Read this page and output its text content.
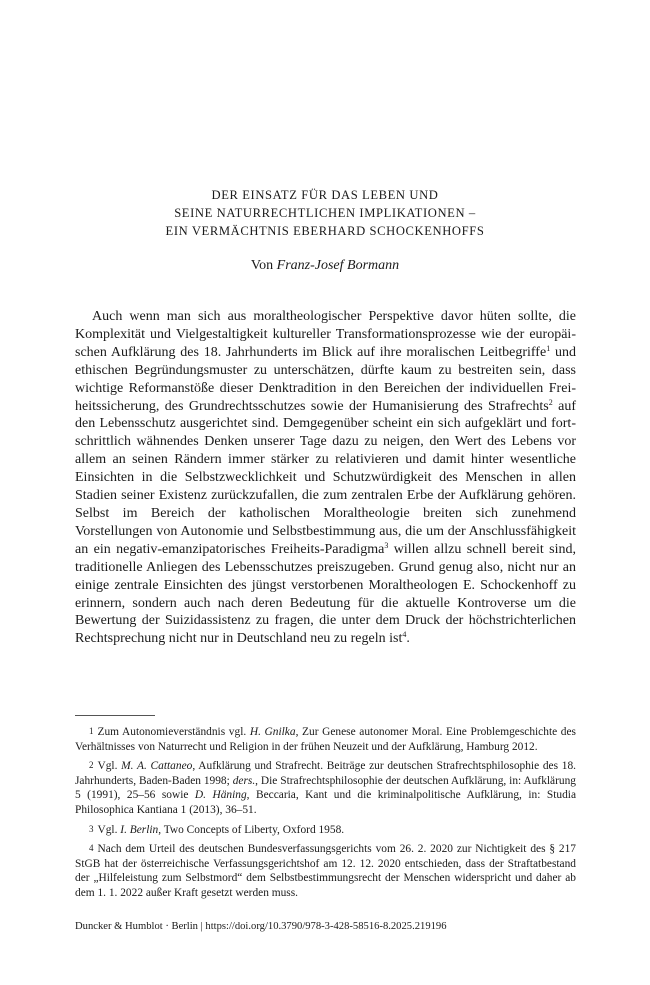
DER EINSATZ FÜR DAS LEBEN UND
SEINE NATURRECHTLICHEN IMPLIKATIONEN –
EIN VERMÄCHTNIS EBERHARD SCHOCKENHOFFS
Von Franz-Josef Bormann

Auch wenn man sich aus moraltheologischer Perspektive davor hüten sollte, die Komplexität und Vielgestaltigkeit kultureller Transformationsprozesse wie der europäischen Aufklärung des 18. Jahrhunderts im Blick auf ihre moralischen Leitbegriffe$^1$ und ethischen Begründungsmuster zu unterschätzen, dürfte kaum zu bestreiten sein, dass wichtige Reformanstöße dieser Denktradition in den Bereichen der individuellen Freiheitssicherung, des Grundrechtsschutzes sowie der Humanisierung des Strafrechts$^2$ auf den Lebensschutz ausgerichtet sind. Demgegenüber scheint ein sich aufgeklärt und fortschrittlich wähnendes Denken unserer Tage dazu zu neigen, den Wert des Lebens vor allem an seinen Rändern immer stärker zu relativieren und damit hinter wesentliche Einsichten in die Selbstzwecklichkeit und Schutzwürdigkeit des Menschen in allen Stadien seiner Existenz zurückzufallen, die zum zentralen Erbe der Aufklärung gehören. Selbst im Bereich der katholischen Moraltheologie breiten sich zunehmend Vorstellungen von Autonomie und Selbstbestimmung aus, die um der Anschlussfähigkeit an ein negativ-emanzipatorisches Freiheits-Paradigma$^3$ willen allzu schnell bereit sind, traditionelle Anliegen des Lebensschutzes preiszugeben. Grund genug also, nicht nur an einige zentrale Einsichten des jüngst verstorbenen Moraltheologen E. Schockenhoff zu erinnern, sondern auch nach deren Bedeutung für die aktuelle Kontroverse um die Bewertung der Suizidassistenz zu fragen, die unter dem Druck der höchstrichterlichen Rechtsprechung nicht nur in Deutschland neu zu regeln ist$^4$.

1 Zum Autonomieverständnis vgl. H. Gnilka, Zur Genese autonomer Moral. Eine Problemgeschichte des Verhältnisses von Naturrecht und Religion in der frühen Neuzeit und der Aufklärung, Hamburg 2012.

2 Vgl. M. A. Cattaneo, Aufklärung und Strafrecht. Beiträge zur deutschen Strafrechtsphilosophie des 18. Jahrhunderts, Baden-Baden 1998; ders., Die Strafrechtsphilosophie der deutschen Aufklärung, in: Aufklärung 5 (1991), 25–56 sowie D. Häning, Beccaria, Kant und die kriminalpolitische Aufklärung, in: Studia Philosophica Kantiana 1 (2013), 36–51.

3 Vgl. I. Berlin, Two Concepts of Liberty, Oxford 1958.

4 Nach dem Urteil des deutschen Bundesverfassungsgerichts vom 26. 2. 2020 zur Nichtigkeit des § 217 StGB hat der österreichische Verfassungsgerichtshof am 12. 12. 2020 entschieden, dass der Straftatbestand der „Hilfeleistung zum Selbstmord“ dem Selbstbestimmungsrecht der Menschen widerspricht und daher ab dem 1. 1. 2022 außer Kraft gesetzt werden muss.

Duncker & Humblot · Berlin | https://doi.org/10.3790/978-3-428-58516-8.2025.219196
